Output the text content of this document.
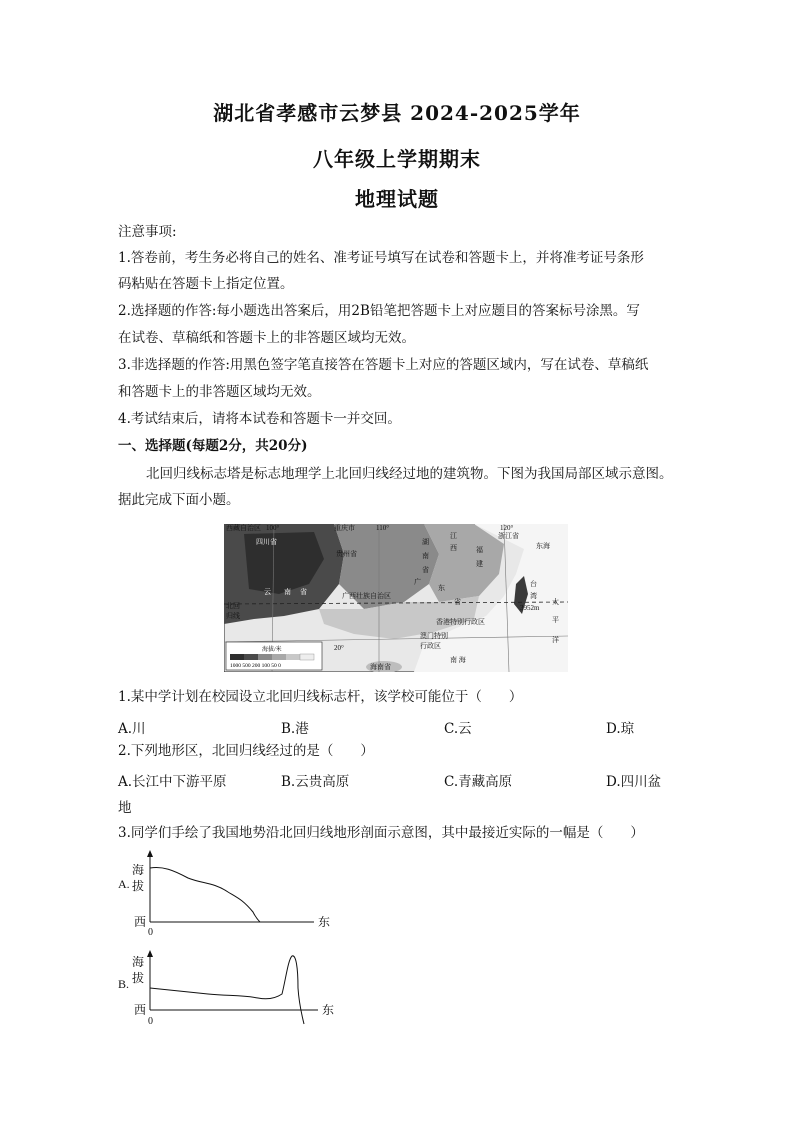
湖北省孝感市云梦县 2024-2025学年
八年级上学期期末
地理试题
注意事项:
1.答卷前，考生务必将自己的姓名、准考证号填写在试卷和答题卡上，并将准考证号条形
码粘贴在答题卡上指定位置。
2.选择题的作答:每小题选出答案后，用2B铅笔把答题卡上对应题目的答案标号涂黑。写
在试卷、草稿纸和答题卡上的非答题区域均无效。
3.非选择题的作答:用黑色签字笔直接答在答题卡上对应的答题区域内，写在试卷、草稿纸
和答题卡上的非答题区域均无效。
4.考试结束后，请将本试卷和答题卡一并交回。
一、选择题(每题2分，共20分)
北回归线标志塔是标志地理学上北回归线经过地的建筑物。下图为我国局部区域示意图。
据此完成下面小题。
西藏自治区 100°	重庆市	110°	120°
四川省	湖
南
省
贵州省
江
西	福
建
浙江省
东海
云 南 省	广西壮族自治区
广
东
省
台
湾
3952m
北回
归线
澳门特别
行政区
香港特别行政区
太
平
洋
20°
海南省
南 海
海拔/米
1000 500 200 100 50 0
1.某中学计划在校园设立北回归线标志杆，该学校可能位于（　　）
A.川	B.港	C.云	D.琼
2.下列地形区，北回归线经过的是（　　）
A.长江中下游平原	B.云贵高原	C.青藏高原	D.四川盆
地
3.同学们手绘了我国地势沿北回归线地形剖面示意图，其中最接近实际的一幅是（　　）
A.
海
拔
西
0
东
B.
海
拔
西
0
东
